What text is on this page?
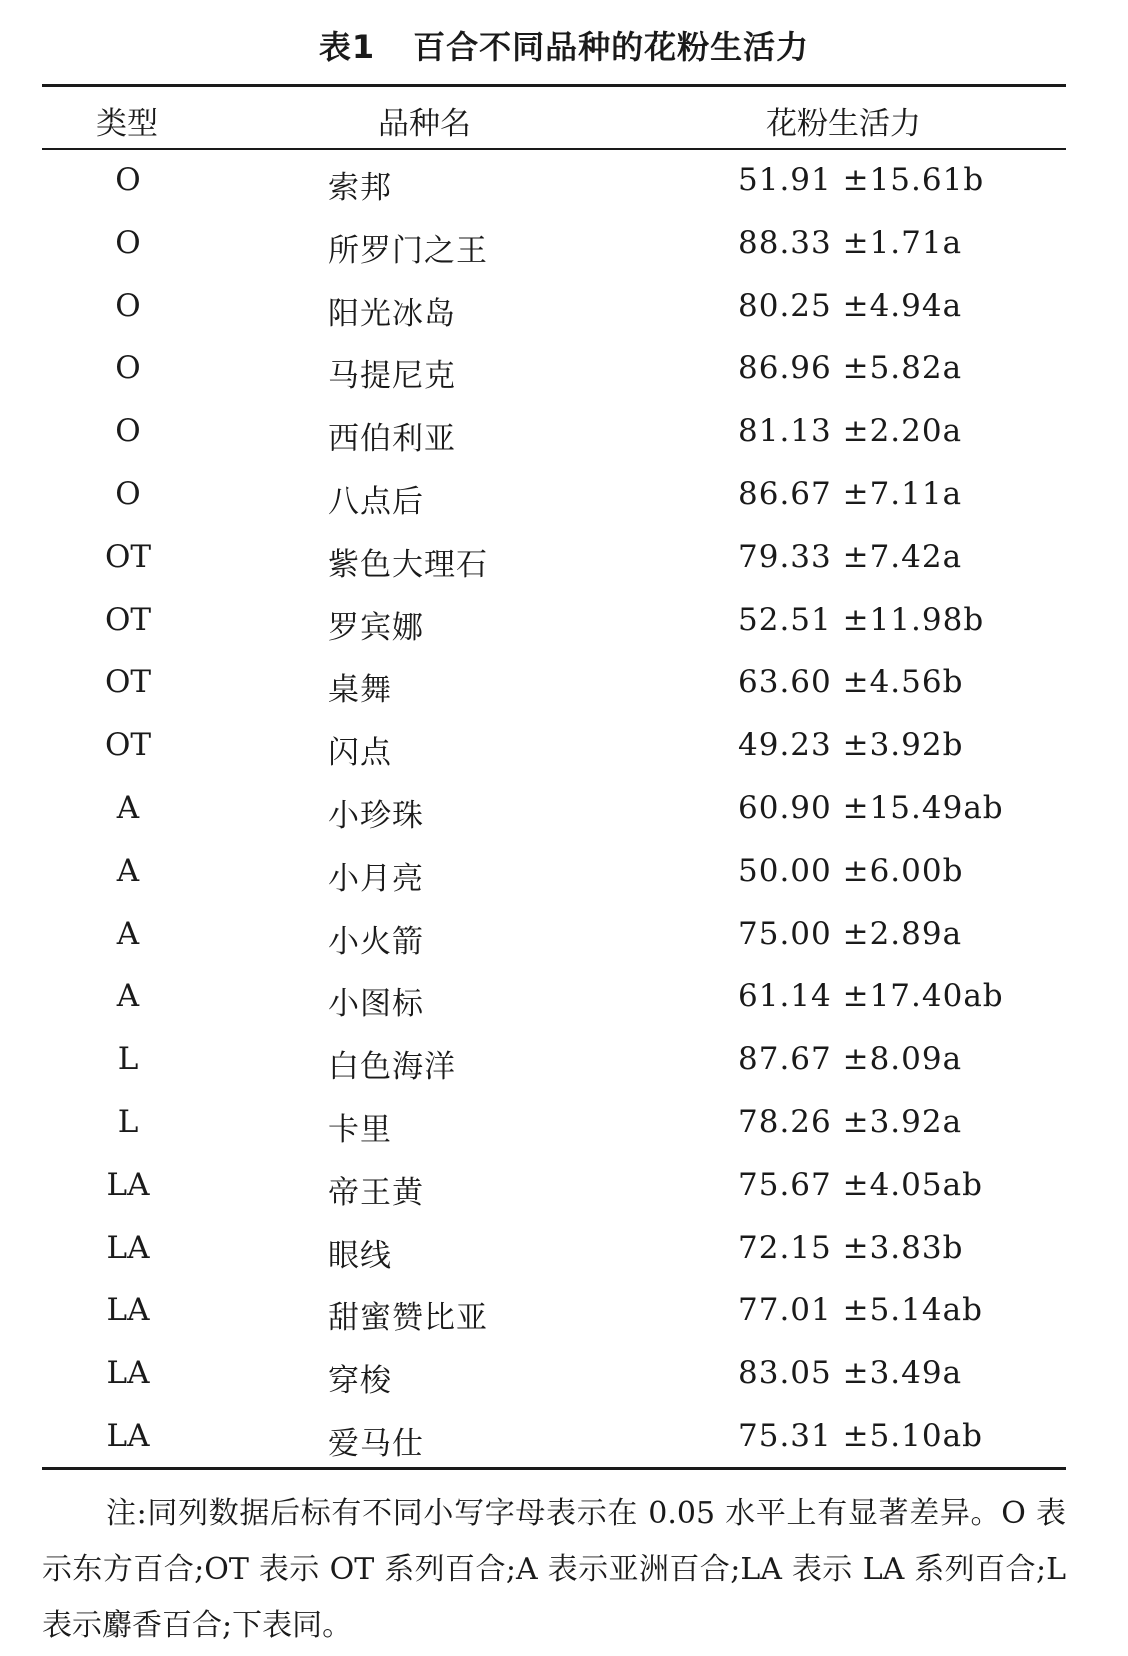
表1 百合不同品种的花粉生活力
类型	品种名	花粉生活力
O	索邦	51.91 ±15.61b
O	所罗门之王	88.33 ±1.71a
O	阳光冰岛	80.25 ±4.94a
O	马提尼克	86.96 ±5.82a
O	西伯利亚	81.13 ±2.20a
O	八点后	86.67 ±7.11a
OT	紫色大理石	79.33 ±7.42a
OT	罗宾娜	52.51 ±11.98b
OT	桌舞	63.60 ±4.56b
OT	闪点	49.23 ±3.92b
A	小珍珠	60.90 ±15.49ab
A	小月亮	50.00 ±6.00b
A	小火箭	75.00 ±2.89a
A	小图标	61.14 ±17.40ab
L	白色海洋	87.67 ±8.09a
L	卡里	78.26 ±3.92a
LA	帝王黄	75.67 ±4.05ab
LA	眼线	72.15 ±3.83b
LA	甜蜜赞比亚	77.01 ±5.14ab
LA	穿梭	83.05 ±3.49a
LA	爱马仕	75.31 ±5.10ab
注:同列数据后标有不同小写字母表示在 0.05 水平上有显著差异。O 表示东方百合;OT 表示 OT 系列百合;A 表示亚洲百合;LA 表示 LA 系列百合;L 表示麝香百合;下表同。
